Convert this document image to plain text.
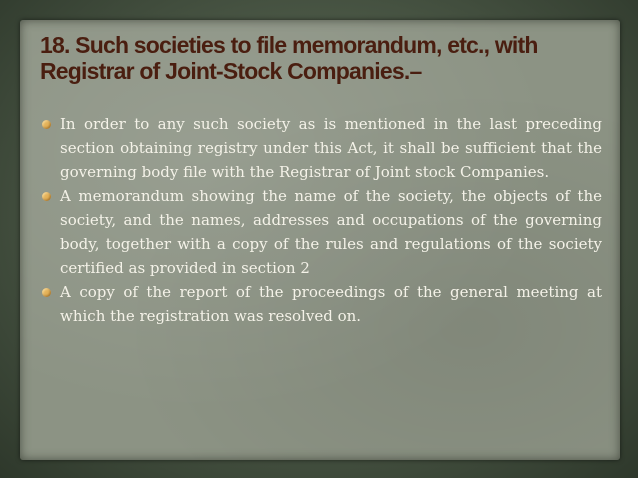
18. Such societies to file memorandum, etc., with
Registrar of Joint-Stock Companies.–
In order to any such society as is mentioned in the last preceding section obtaining registry under this Act, it shall be sufficient that the governing body file with the Registrar of Joint stock Companies.
A memorandum showing the name of the society, the objects of the society, and the names, addresses and occupations of the governing body, together with a copy of the rules and regulations of the society certified as provided in section 2
A copy of the report of the proceedings of the general meeting at which the registration was resolved on.
